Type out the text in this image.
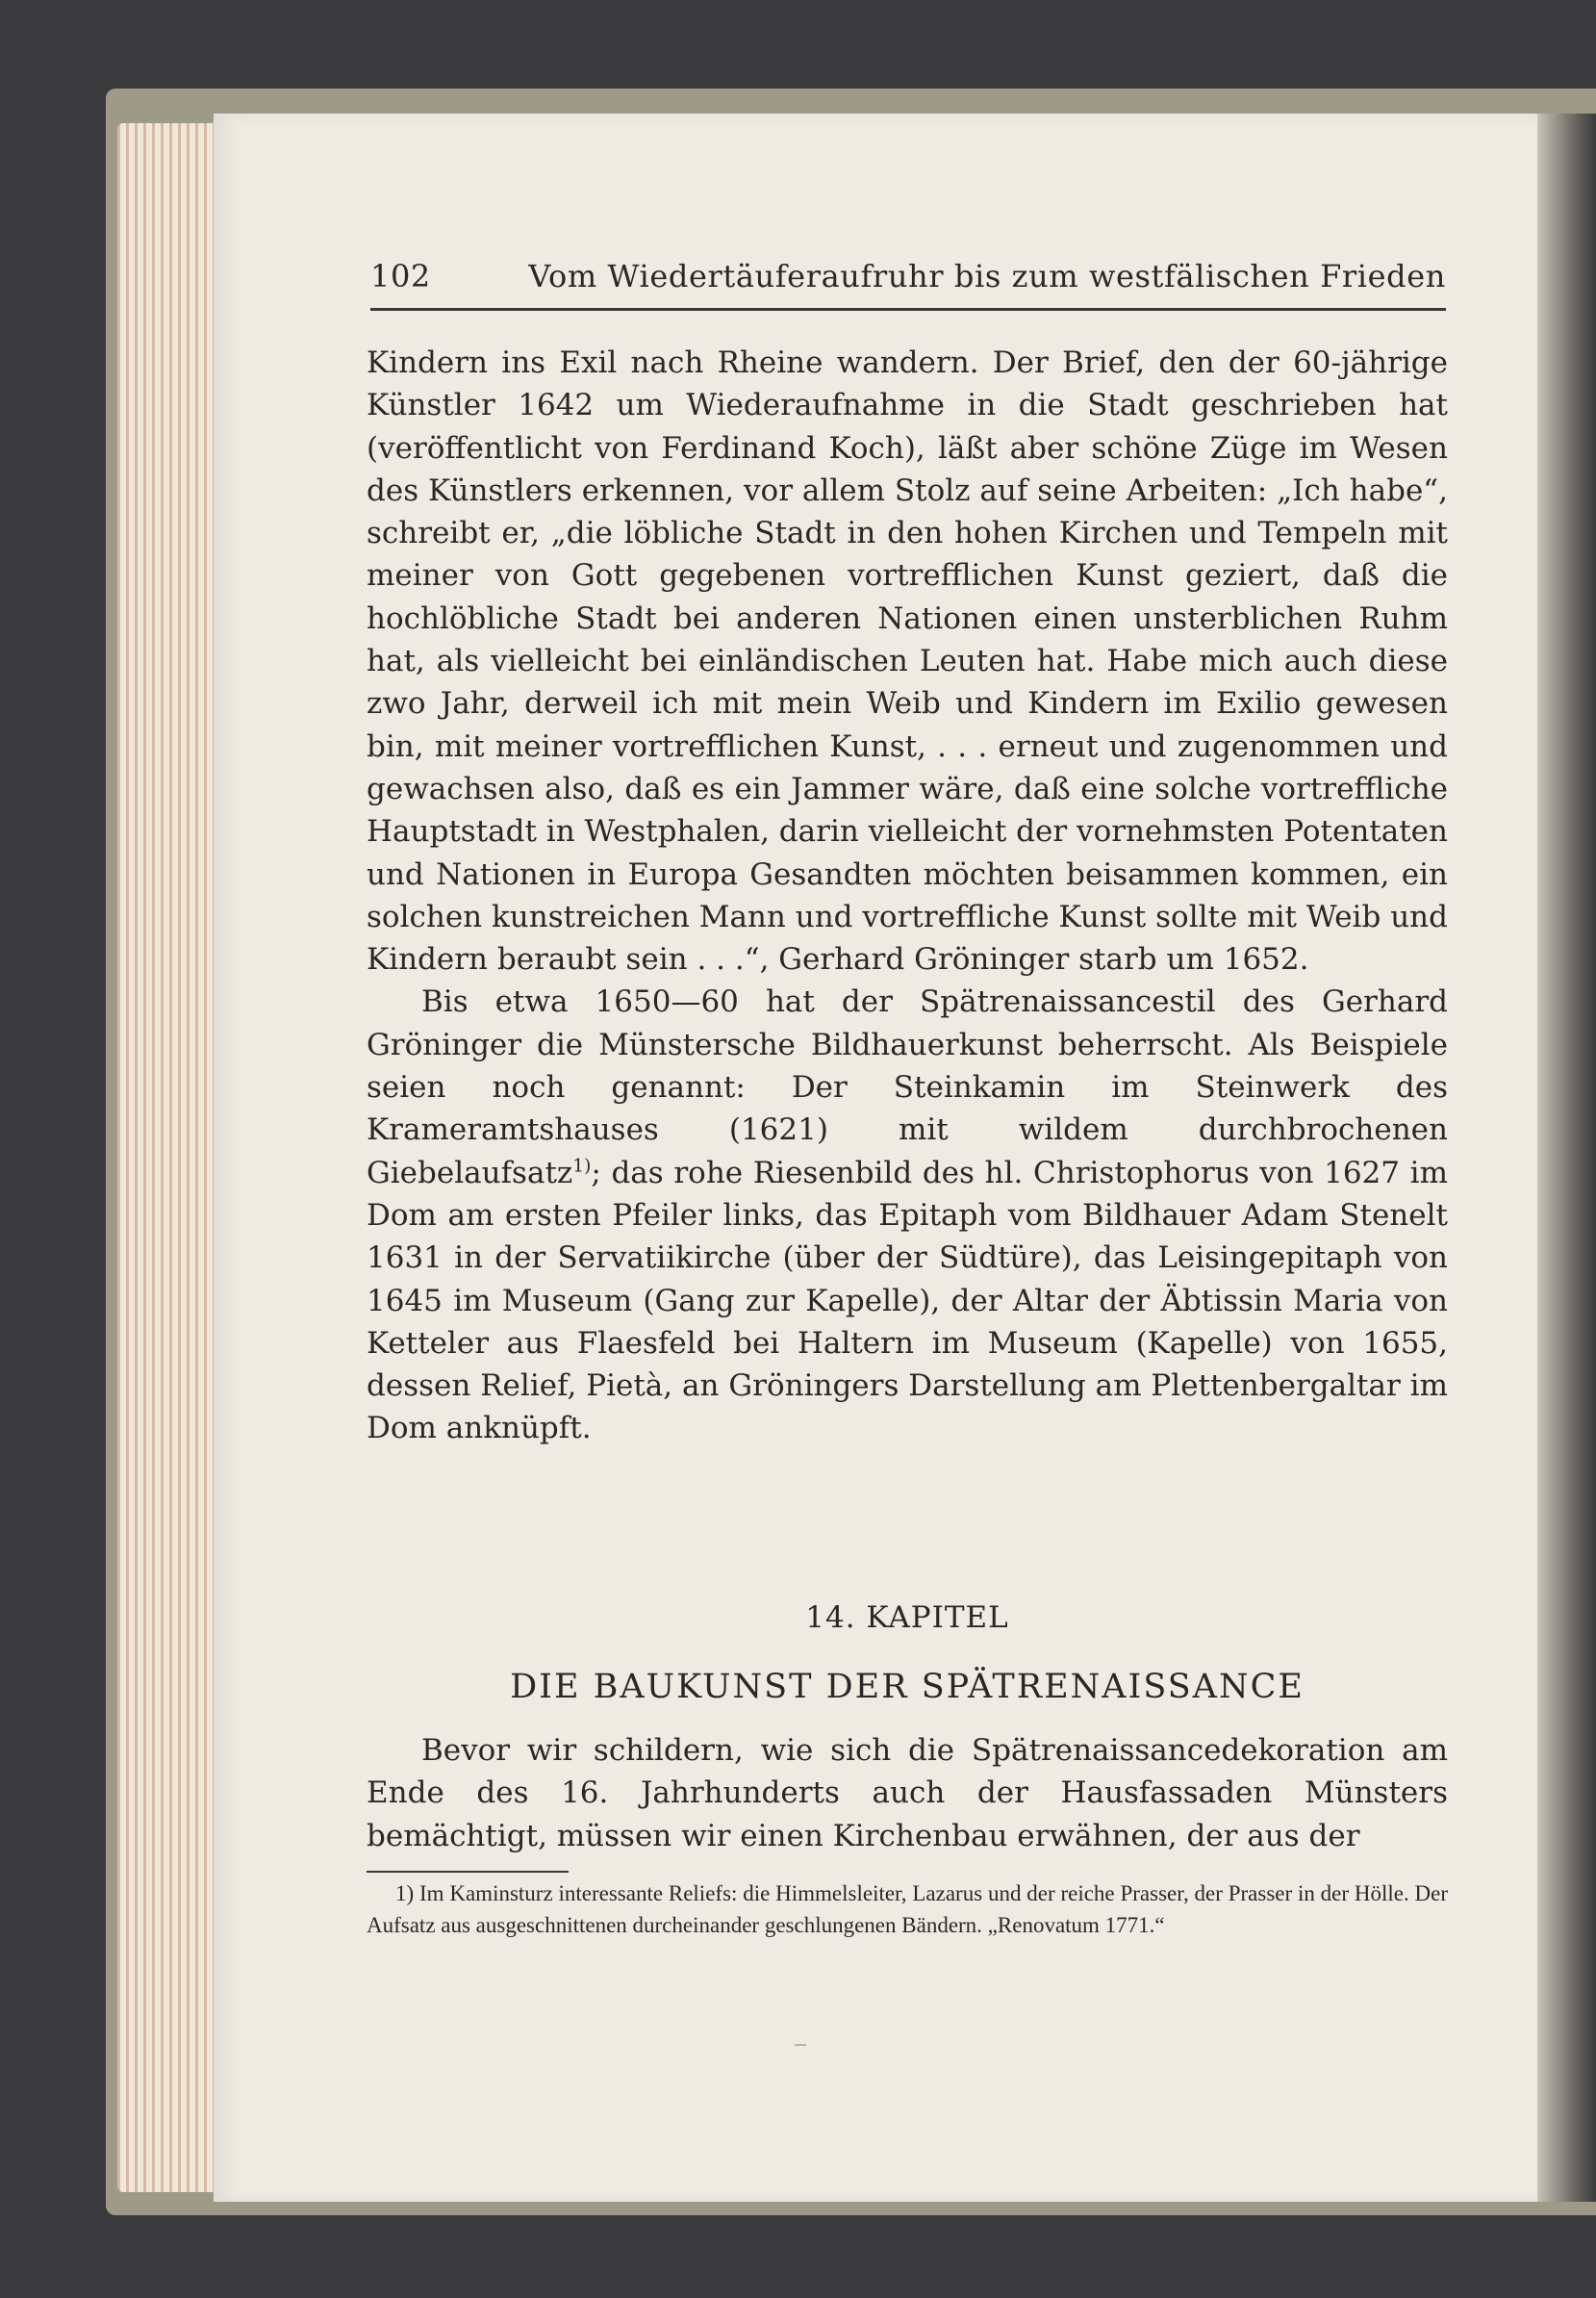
102	Vom Wiedertäuferaufruhr bis zum westfälischen Frieden

Kindern ins Exil nach Rheine wandern. Der Brief, den der 60-jährige Künstler 1642 um Wiederaufnahme in die Stadt geschrieben hat (veröffentlicht von Ferdinand Koch), läßt aber schöne Züge im Wesen des Künstlers erkennen, vor allem Stolz auf seine Arbeiten: „Ich habe“, schreibt er, „die löbliche Stadt in den hohen Kirchen und Tempeln mit meiner von Gott gegebenen vortrefflichen Kunst geziert, daß die hochlöbliche Stadt bei anderen Nationen einen unsterblichen Ruhm hat, als vielleicht bei einländischen Leuten hat. Habe mich auch diese zwo Jahr, derweil ich mit mein Weib und Kindern im Exilio gewesen bin, mit meiner vortrefflichen Kunst, . . . erneut und zugenommen und gewachsen also, daß es ein Jammer wäre, daß eine solche vortreffliche Hauptstadt in Westphalen, darin vielleicht der vornehmsten Potentaten und Nationen in Europa Gesandten möchten beisammen kommen, ein solchen kunstreichen Mann und vortreffliche Kunst sollte mit Weib und Kindern beraubt sein . . .“, Gerhard Gröninger starb um 1652.

Bis etwa 1650—60 hat der Spätrenaissancestil des Gerhard Gröninger die Münstersche Bildhauerkunst beherrscht. Als Beispiele seien noch genannt: Der Steinkamin im Steinwerk des Krameramtshauses (1621) mit wildem durchbrochenen Giebelaufsatz$^{1)}$; das rohe Riesenbild des hl. Christophorus von 1627 im Dom am ersten Pfeiler links, das Epitaph vom Bildhauer Adam Stenelt 1631 in der Servatiikirche (über der Südtüre), das Leisingepitaph von 1645 im Museum (Gang zur Kapelle), der Altar der Äbtissin Maria von Ketteler aus Flaesfeld bei Haltern im Museum (Kapelle) von 1655, dessen Relief, Pietà, an Gröningers Darstellung am Plettenbergaltar im Dom anknüpft.

14. KAPITEL
DIE BAUKUNST DER SPÄTRENAISSANCE
Bevor wir schildern, wie sich die Spätrenaissancedekoration am Ende des 16. Jahrhunderts auch der Hausfassaden Münsters bemächtigt, müssen wir einen Kirchenbau erwähnen, der aus der
1) Im Kaminsturz interessante Reliefs: die Himmelsleiter, Lazarus und der reiche Prasser, der Prasser in der Hölle. Der Aufsatz aus ausgeschnittenen durcheinander geschlungenen Bändern. „Renovatum 1771.“
